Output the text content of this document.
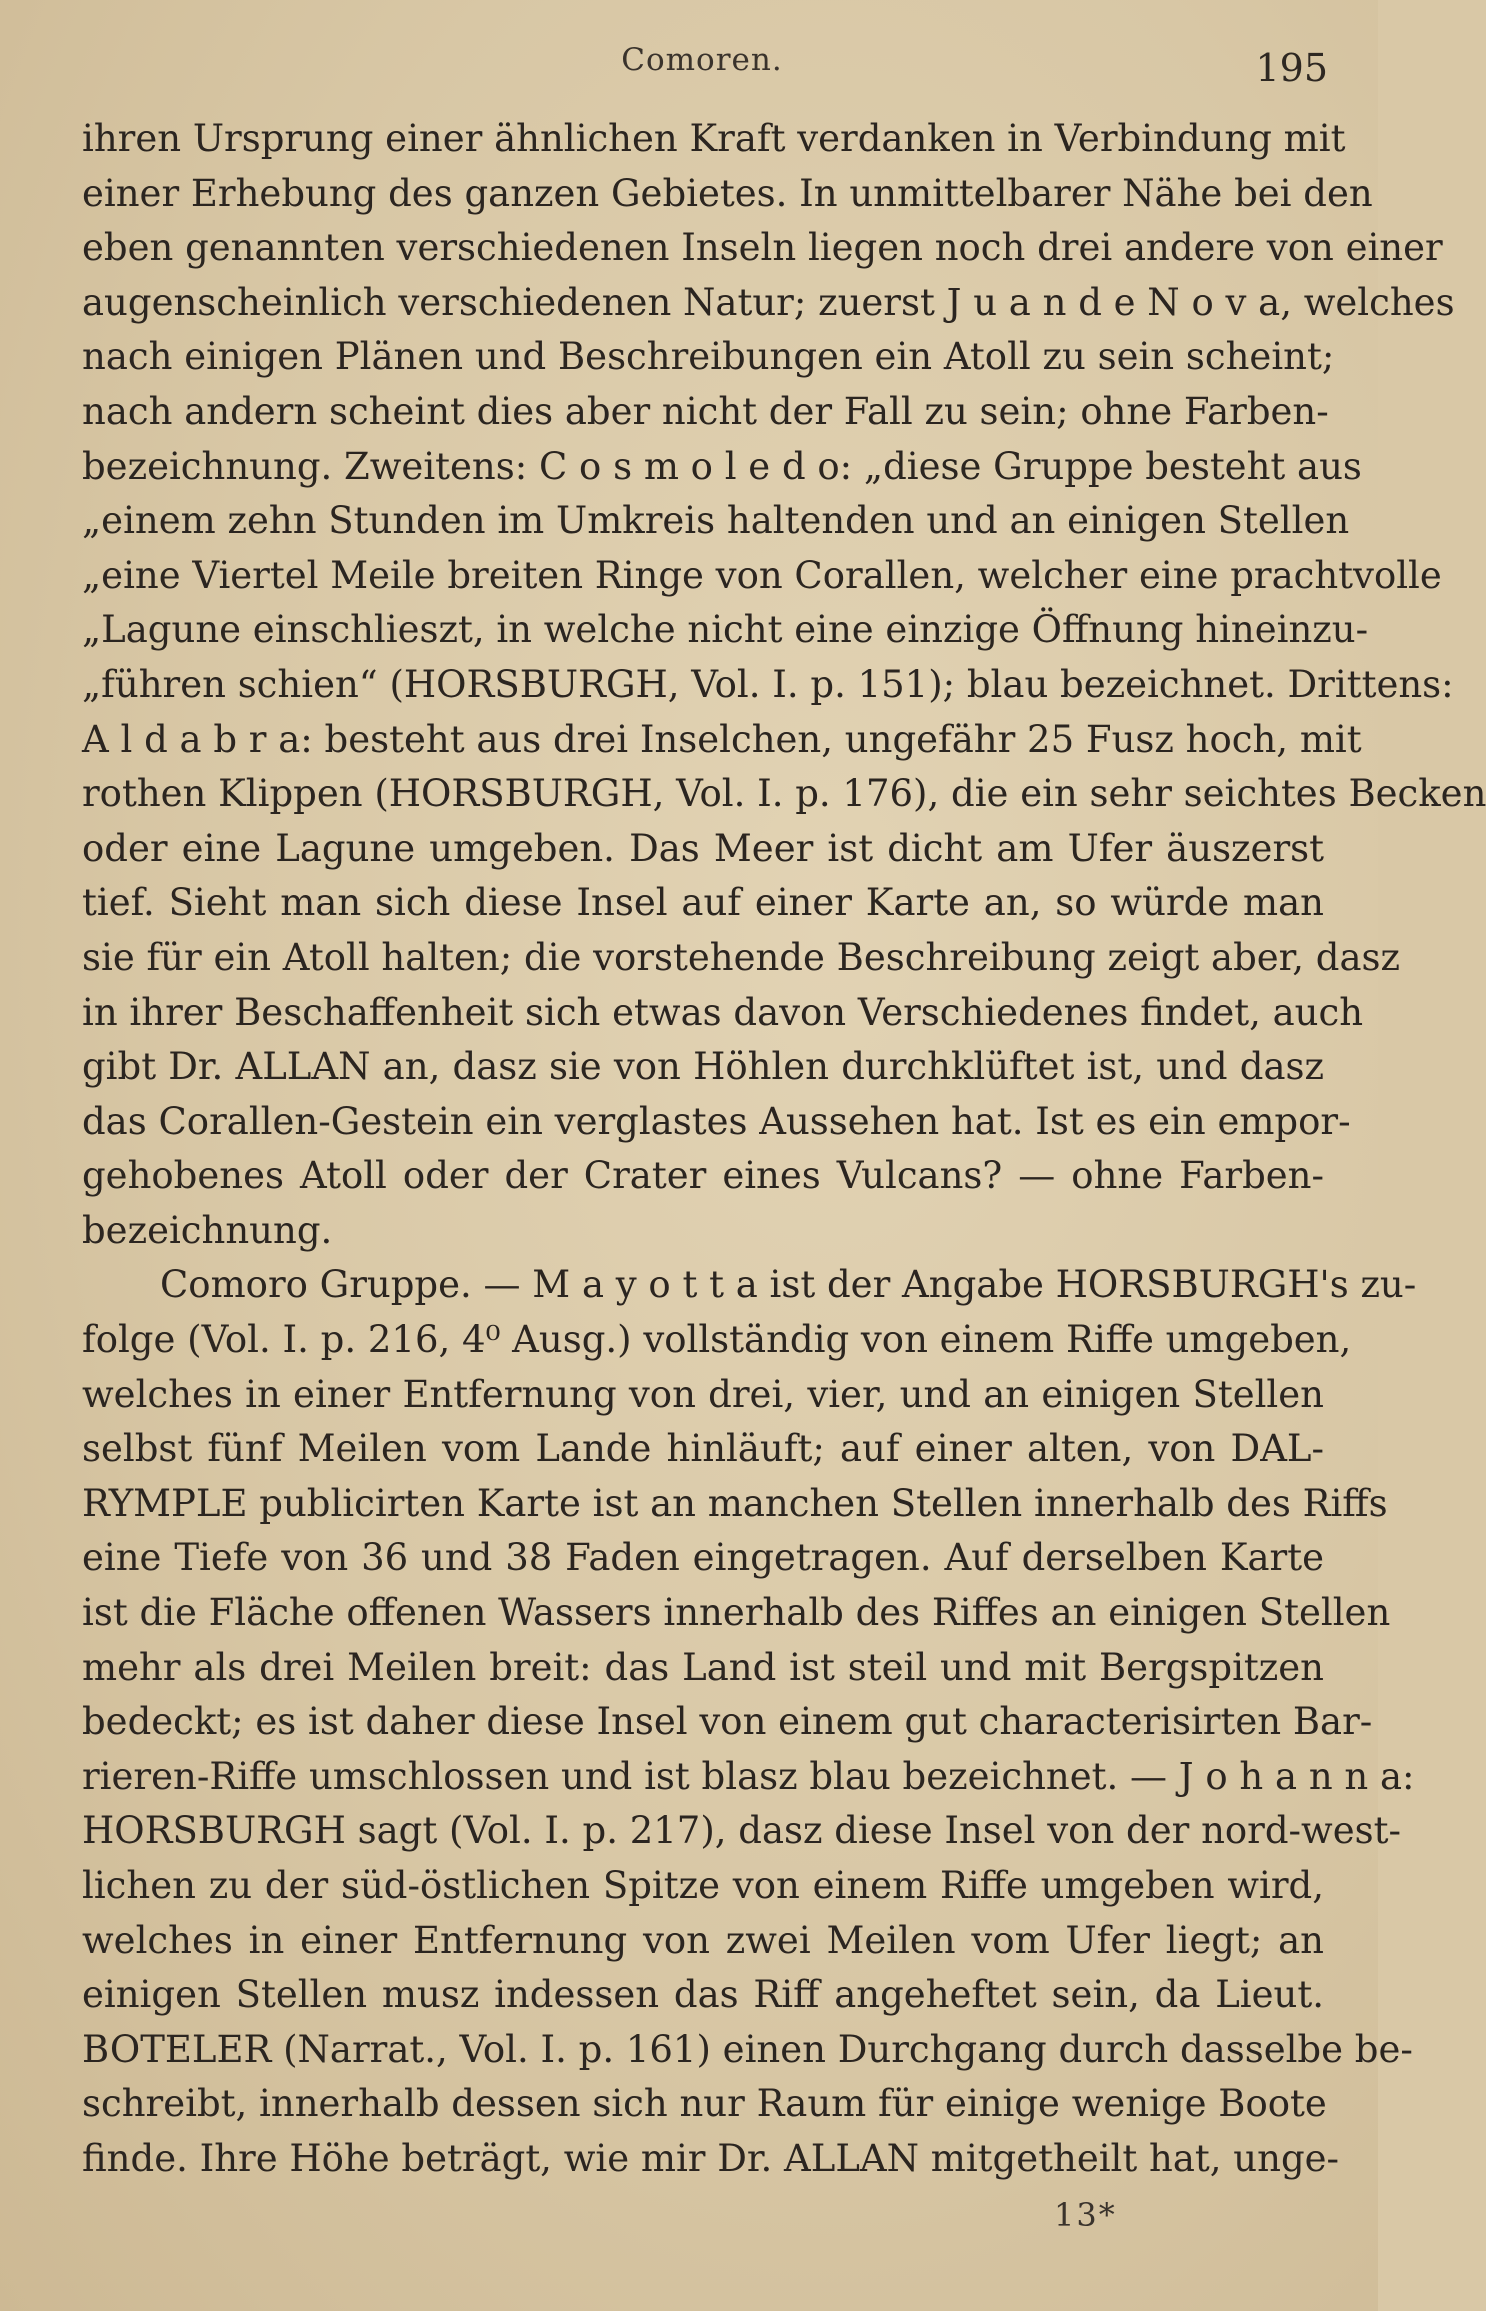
Comoren.	195
ihren Ursprung einer ähnlichen Kraft verdanken in Verbindung mit
einer Erhebung des ganzen Gebietes. In unmittelbarer Nähe bei den
eben genannten verschiedenen Inseln liegen noch drei andere von einer
augenscheinlich verschiedenen Natur; zuerst J u a n d e N o v a, welches
nach einigen Plänen und Beschreibungen ein Atoll zu sein scheint;
nach andern scheint dies aber nicht der Fall zu sein; ohne Farben-
bezeichnung. Zweitens: C o s m o l e d o: „diese Gruppe besteht aus
„einem zehn Stunden im Umkreis haltenden und an einigen Stellen
„eine Viertel Meile breiten Ringe von Corallen, welcher eine prachtvolle
„Lagune einschlieszt, in welche nicht eine einzige Öffnung hineinzu-
„führen schien“ (HORSBURGH, Vol. I. p. 151); blau bezeichnet. Drittens:
A l d a b r a: besteht aus drei Inselchen, ungefähr 25 Fusz hoch, mit
rothen Klippen (HORSBURGH, Vol. I. p. 176), die ein sehr seichtes Becken
oder eine Lagune umgeben. Das Meer ist dicht am Ufer äuszerst
tief. Sieht man sich diese Insel auf einer Karte an, so würde man
sie für ein Atoll halten; die vorstehende Beschreibung zeigt aber, dasz
in ihrer Beschaffenheit sich etwas davon Verschiedenes findet, auch
gibt Dr. ALLAN an, dasz sie von Höhlen durchklüftet ist, und dasz
das Corallen-Gestein ein verglastes Aussehen hat. Ist es ein empor-
gehobenes Atoll oder der Crater eines Vulcans? — ohne Farben-
bezeichnung.
Comoro Gruppe. — M a y o t t a ist der Angabe HORSBURGH's zu-
folge (Vol. I. p. 216, 4⁰ Ausg.) vollständig von einem Riffe umgeben,
welches in einer Entfernung von drei, vier, und an einigen Stellen
selbst fünf Meilen vom Lande hinläuft; auf einer alten, von DAL-
RYMPLE publicirten Karte ist an manchen Stellen innerhalb des Riffs
eine Tiefe von 36 und 38 Faden eingetragen. Auf derselben Karte
ist die Fläche offenen Wassers innerhalb des Riffes an einigen Stellen
mehr als drei Meilen breit: das Land ist steil und mit Bergspitzen
bedeckt; es ist daher diese Insel von einem gut characterisirten Bar-
rieren-Riffe umschlossen und ist blasz blau bezeichnet. — J o h a n n a:
HORSBURGH sagt (Vol. I. p. 217), dasz diese Insel von der nord-west-
lichen zu der süd-östlichen Spitze von einem Riffe umgeben wird,
welches in einer Entfernung von zwei Meilen vom Ufer liegt; an
einigen Stellen musz indessen das Riff angeheftet sein, da Lieut.
BOTELER (Narrat., Vol. I. p. 161) einen Durchgang durch dasselbe be-
schreibt, innerhalb dessen sich nur Raum für einige wenige Boote
finde. Ihre Höhe beträgt, wie mir Dr. ALLAN mitgetheilt hat, unge-
13*
